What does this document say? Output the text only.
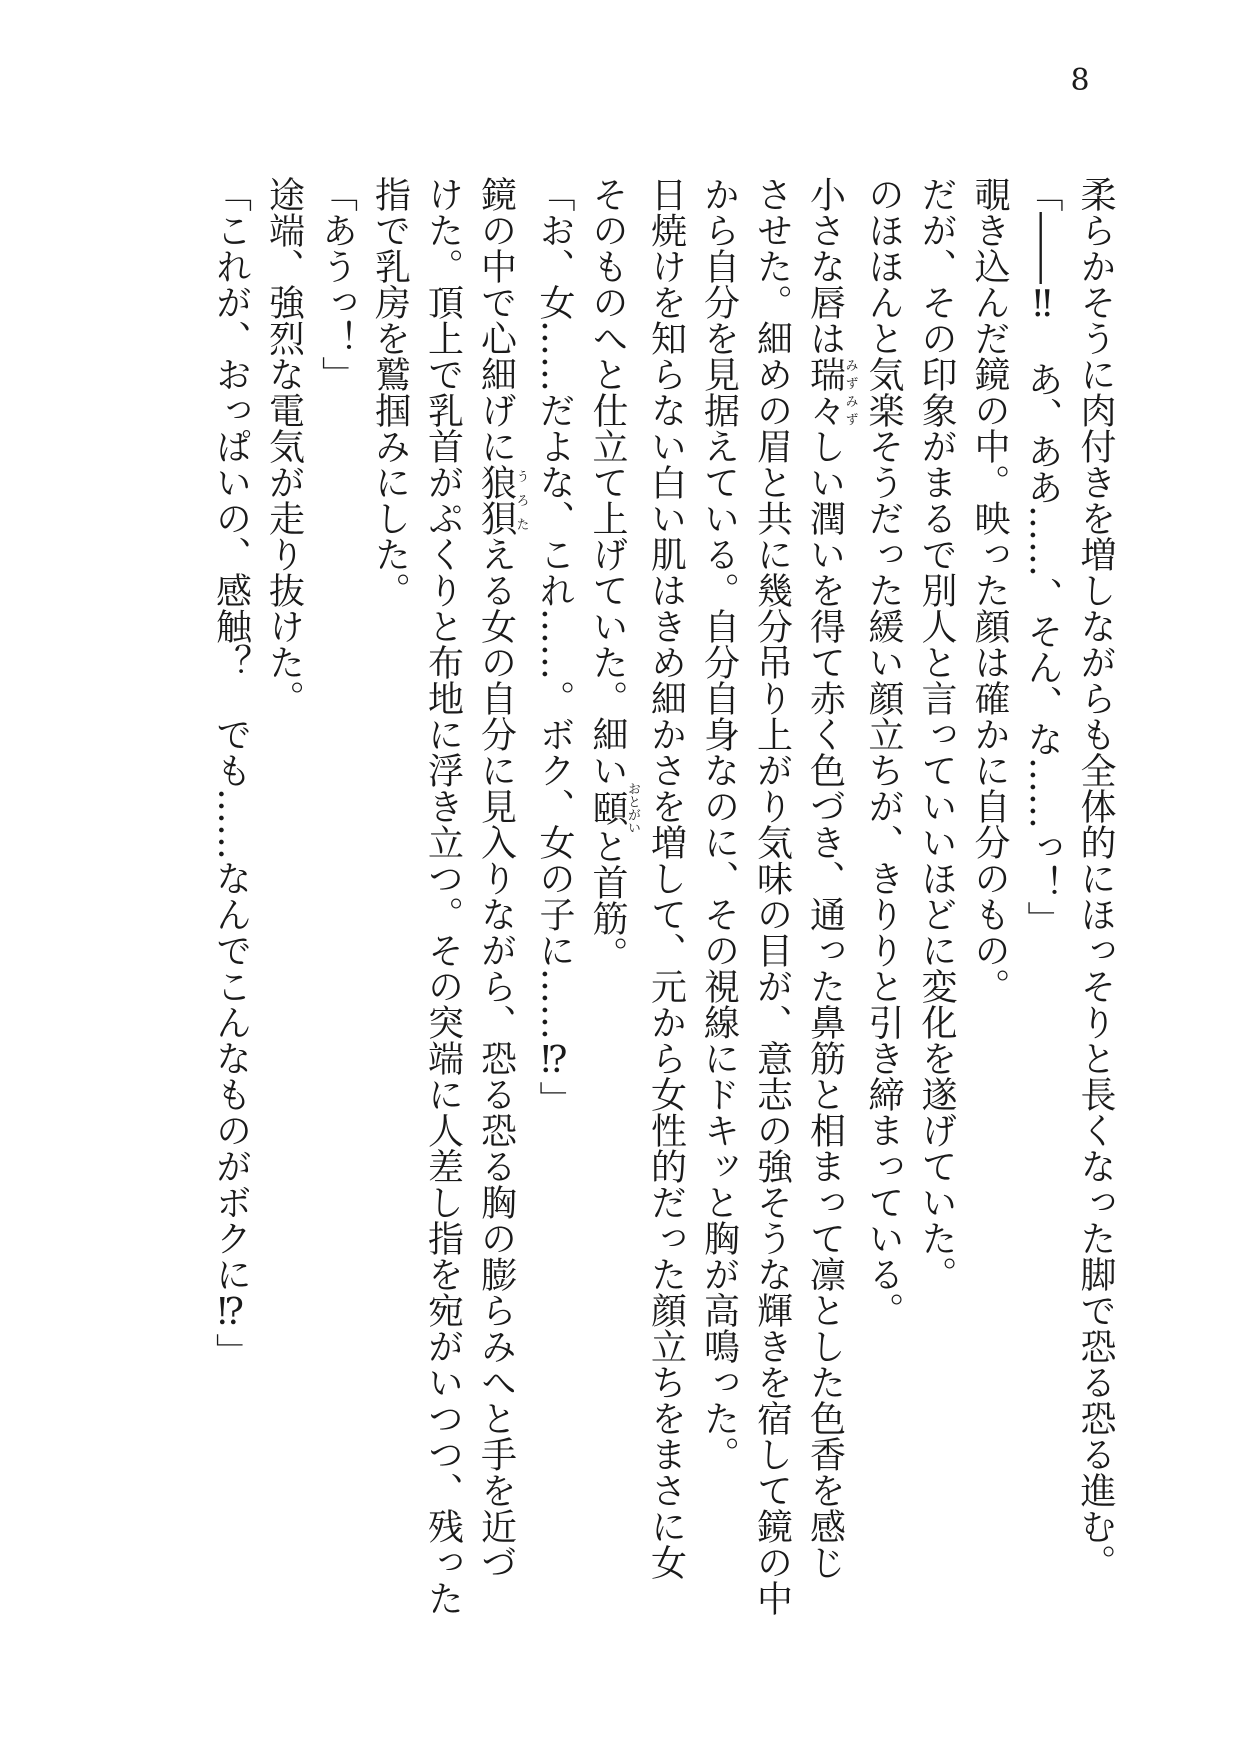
8
柔らかそうに肉付きを増しながらも全体的にほっそりと長くなった脚で恐る恐る進む。
「――‼　あ、ああ……、そん、な……っ！」
覗き込んだ鏡の中。映った顔は確かに自分のもの。
だが、その印象がまるで別人と言っていいほどに変化を遂げていた。
のほほんと気楽そうだった緩い顔立ちが、きりりと引き締まっている。
小さな唇は瑞々みずみずしい潤いを得て赤く色づき、通った鼻筋と相まって凛とした色香を感じ
させた。細めの眉と共に幾分吊り上がり気味の目が、意志の強そうな輝きを宿して鏡の中
から自分を見据えている。自分自身なのに、その視線にドキッと胸が高鳴った。
日焼けを知らない白い肌はきめ細かさを増して、元から女性的だった顔立ちをまさに女
そのものへと仕立て上げていた。細い頤おとがいと首筋。
「お、女……だよな、これ……。ボク、女の子に……⁉」
鏡の中で心細げに狼狽うろたえる女の自分に見入りながら、恐る恐る胸の膨らみへと手を近づ
けた。頂上で乳首がぷくりと布地に浮き立つ。その突端に人差し指を宛がいつつ、残った
指で乳房を鷲掴みにした。
「あうっ！」
途端、強烈な電気が走り抜けた。
「これが、おっぱいの、感触？　でも……なんでこんなものがボクに⁉」
